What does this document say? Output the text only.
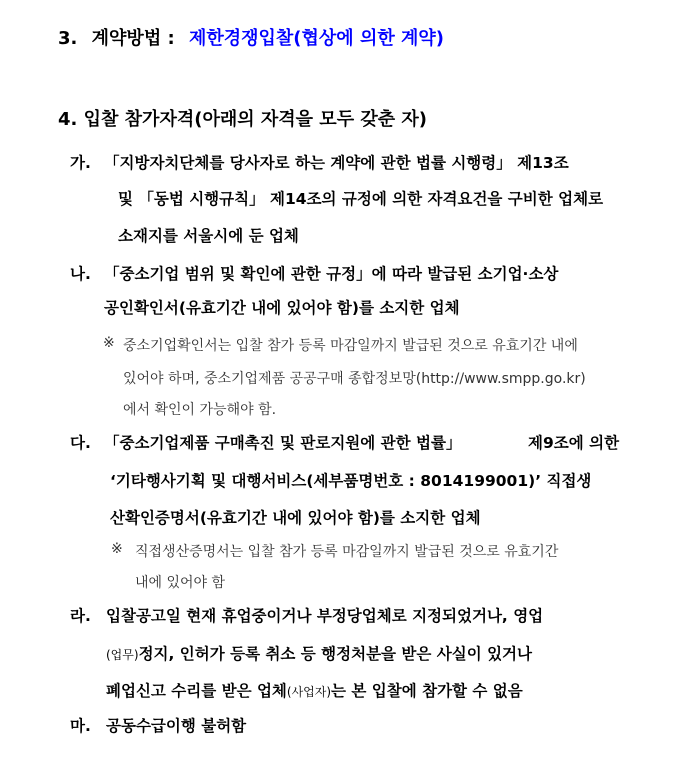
3. 계약방법 : 제한경쟁입찰(협상에 의한 계약)
4. 입찰 참가자격(아래의 자격을 모두 갖춘 자)
가. 「지방자치단체를 당사자로 하는 계약에 관한 법률 시행령」 제13조
및 「동법 시행규칙」 제14조의 규정에 의한 자격요건을 구비한 업체로
소재지를 서울시에 둔 업체
나. 「중소기업 범위 및 확인에 관한 규정」에 따라 발급된 소기업·소상
공인확인서(유효기간 내에 있어야 함)를 소지한 업체
※ 중소기업확인서는 입찰 참가 등록 마감일까지 발급된 것으로 유효기간 내에
있어야 하며, 중소기업제품 공공구매 종합정보망(http://www.smpp.go.kr)
에서 확인이 가능해야 함.
다. 「중소기업제품 구매촉진 및 판로지원에 관한 법률」	제9조에 의한
‘기타행사기획 및 대행서비스(세부품명번호 : 8014199001)’ 직접생
산확인증명서(유효기간 내에 있어야 함)를 소지한 업체
※ 직접생산증명서는 입찰 참가 등록 마감일까지 발급된 것으로 유효기간
내에 있어야 함
라. 입찰공고일 현재 휴업중이거나 부정당업체로 지정되었거나, 영업
(업무)정지, 인허가 등록 취소 등 행정처분을 받은 사실이 있거나
폐업신고 수리를 받은 업체(사업자)는 본 입찰에 참가할 수 없음
마. 공동수급이행 불허함
